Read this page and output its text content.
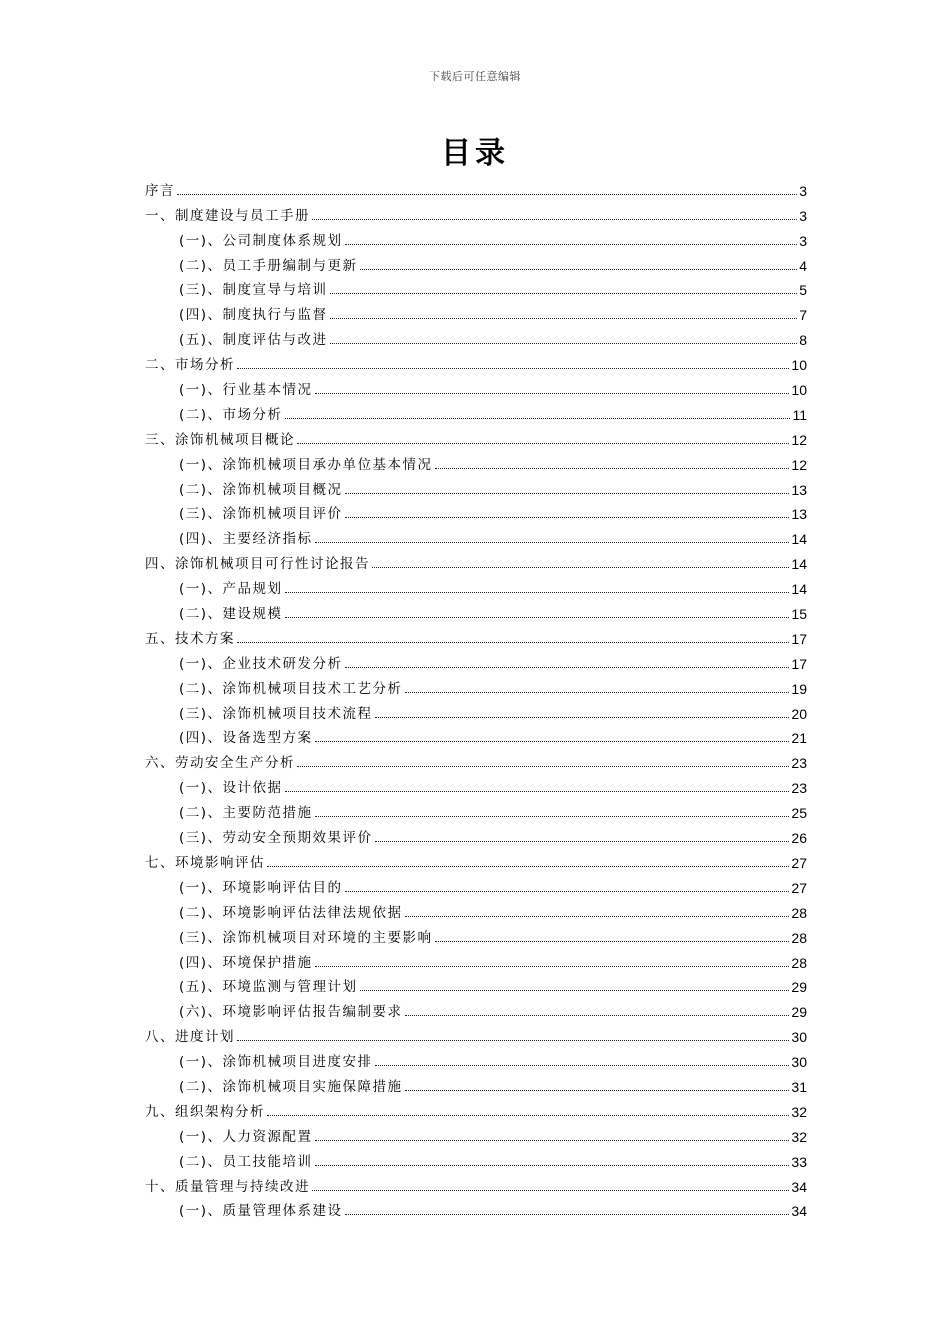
下载后可任意编辑
目录
序言	3
一、制度建设与员工手册	3
(一)、公司制度体系规划	3
(二)、员工手册编制与更新	4
(三)、制度宣导与培训	5
(四)、制度执行与监督	7
(五)、制度评估与改进	8
二、市场分析	10
(一)、行业基本情况	10
(二)、市场分析	11
三、涂饰机械项目概论	12
(一)、涂饰机械项目承办单位基本情况	12
(二)、涂饰机械项目概况	13
(三)、涂饰机械项目评价	13
(四)、主要经济指标	14
四、涂饰机械项目可行性讨论报告	14
(一)、产品规划	14
(二)、建设规模	15
五、技术方案	17
(一)、企业技术研发分析	17
(二)、涂饰机械项目技术工艺分析	19
(三)、涂饰机械项目技术流程	20
(四)、设备选型方案	21
六、劳动安全生产分析	23
(一)、设计依据	23
(二)、主要防范措施	25
(三)、劳动安全预期效果评价	26
七、环境影响评估	27
(一)、环境影响评估目的	27
(二)、环境影响评估法律法规依据	28
(三)、涂饰机械项目对环境的主要影响	28
(四)、环境保护措施	28
(五)、环境监测与管理计划	29
(六)、环境影响评估报告编制要求	29
八、进度计划	30
(一)、涂饰机械项目进度安排	30
(二)、涂饰机械项目实施保障措施	31
九、组织架构分析	32
(一)、人力资源配置	32
(二)、员工技能培训	33
十、质量管理与持续改进	34
(一)、质量管理体系建设	34
